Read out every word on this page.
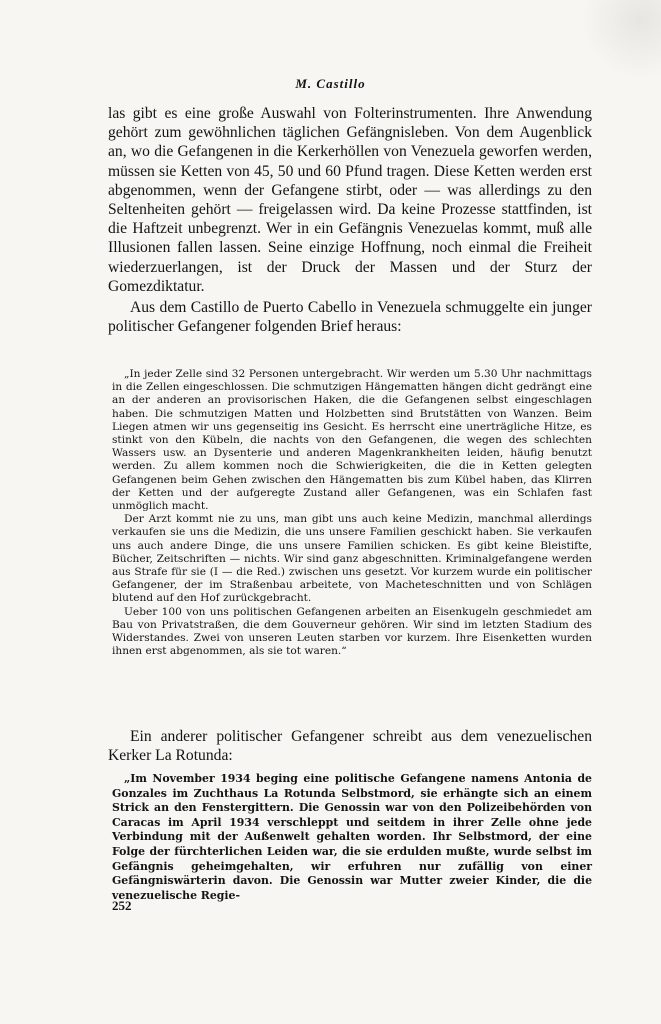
M. Castillo

las gibt es eine große Auswahl von Folterinstrumenten. Ihre Anwendung gehört zum gewöhnlichen täglichen Gefängnisleben. Von dem Augenblick an, wo die Gefangenen in die Kerkerhöllen von Venezuela geworfen werden, müssen sie Ketten von 45, 50 und 60 Pfund tragen. Diese Ketten werden erst abgenommen, wenn der Gefangene stirbt, oder — was allerdings zu den Seltenheiten gehört — freigelassen wird. Da keine Prozesse stattfinden, ist die Haftzeit unbegrenzt. Wer in ein Gefängnis Venezuelas kommt, muß alle Illusionen fallen lassen. Seine einzige Hoffnung, noch einmal die Freiheit wiederzuerlangen, ist der Druck der Massen und der Sturz der Gomezdiktatur.

Aus dem Castillo de Puerto Cabello in Venezuela schmuggelte ein junger politischer Gefangener folgenden Brief heraus:

„In jeder Zelle sind 32 Personen untergebracht. Wir werden um 5.30 Uhr nachmittags in die Zellen eingeschlossen. Die schmutzigen Hängematten hängen dicht gedrängt eine an der anderen an provisorischen Haken, die die Gefangenen selbst eingeschlagen haben. Die schmutzigen Matten und Holzbetten sind Brutstätten von Wanzen. Beim Liegen atmen wir uns gegenseitig ins Gesicht. Es herrscht eine unerträgliche Hitze, es stinkt von den Kübeln, die nachts von den Gefangenen, die wegen des schlechten Wassers usw. an Dysenterie und anderen Magenkrankheiten leiden, häufig benutzt werden. Zu allem kommen noch die Schwierigkeiten, die die in Ketten gelegten Gefangenen beim Gehen zwischen den Hängematten bis zum Kübel haben, das Klirren der Ketten und der aufgeregte Zustand aller Gefangenen, was ein Schlafen fast unmöglich macht.

Der Arzt kommt nie zu uns, man gibt uns auch keine Medizin, manchmal allerdings verkaufen sie uns die Medizin, die uns unsere Familien geschickt haben. Sie verkaufen uns auch andere Dinge, die uns unsere Familien schicken. Es gibt keine Bleistifte, Bücher, Zeitschriften — nichts. Wir sind ganz abgeschnitten. Kriminalgefangene werden aus Strafe für sie (I — die Red.) zwischen uns gesetzt. Vor kurzem wurde ein politischer Gefangener, der im Straßenbau arbeitete, von Macheteschnitten und von Schlägen blutend auf den Hof zurückgebracht.

Ueber 100 von uns politischen Gefangenen arbeiten an Eisenkugeln geschmiedet am Bau von Privatstraßen, die dem Gouverneur gehören. Wir sind im letzten Stadium des Widerstandes. Zwei von unseren Leuten starben vor kurzem. Ihre Eisenketten wurden ihnen erst abgenommen, als sie tot waren.“

Ein anderer politischer Gefangener schreibt aus dem venezuelischen Kerker La Rotunda:

„Im November 1934 beging eine politische Gefangene namens Antonia de Gonzales im Zuchthaus La Rotunda Selbstmord, sie erhängte sich an einem Strick an den Fenstergittern. Die Genossin war von den Polizeibehörden von Caracas im April 1934 verschleppt und seitdem in ihrer Zelle ohne jede Verbindung mit der Außenwelt gehalten worden. Ihr Selbstmord, der eine Folge der fürchterlichen Leiden war, die sie erdulden mußte, wurde selbst im Gefängnis geheimgehalten, wir erfuhren nur zufällig von einer Gefängniswärterin davon. Die Genossin war Mutter zweier Kinder, die die venezuelische Regie-

252
